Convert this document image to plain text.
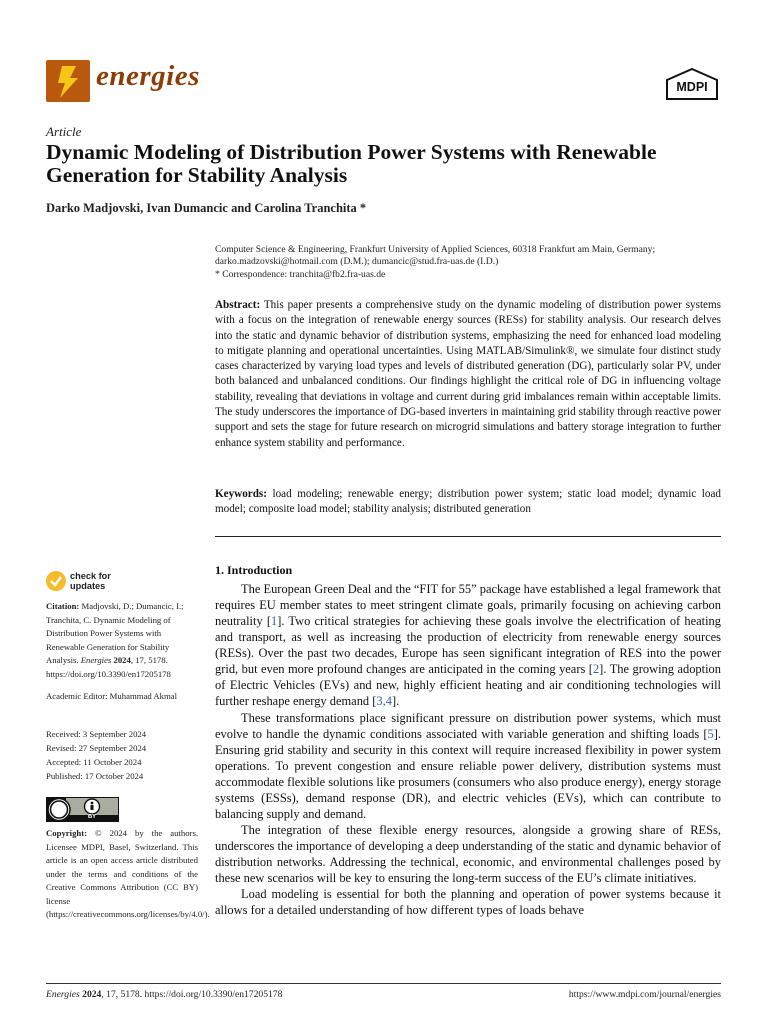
energies	MDPI
Article
Dynamic Modeling of Distribution Power Systems with Renewable Generation for Stability Analysis
Darko Madjovski, Ivan Dumancic and Carolina Tranchita *
Computer Science & Engineering, Frankfurt University of Applied Sciences, 60318 Frankfurt am Main, Germany;
darko.madzovski@hotmail.com (D.M.); dumancic@stud.fra-uas.de (I.D.)
* Correspondence: tranchita@fb2.fra-uas.de
Abstract: This paper presents a comprehensive study on the dynamic modeling of distribution power systems with a focus on the integration of renewable energy sources (RESs) for stability analysis. Our research delves into the static and dynamic behavior of distribution systems, emphasizing the need for enhanced load modeling to mitigate planning and operational uncertainties. Using MATLAB/Simulink®, we simulate four distinct study cases characterized by varying load types and levels of distributed generation (DG), particularly solar PV, under both balanced and unbalanced conditions. Our findings highlight the critical role of DG in influencing voltage stability, revealing that deviations in voltage and current during grid imbalances remain within acceptable limits. The study underscores the importance of DG-based inverters in maintaining grid stability through reactive power support and sets the stage for future research on microgrid simulations and battery storage integration to further enhance system stability and performance.
Keywords: load modeling; renewable energy; distribution power system; static load model; dynamic load model; composite load model; stability analysis; distributed generation
1. Introduction

The European Green Deal and the “FIT for 55” package have established a legal framework that requires EU member states to meet stringent climate goals, primarily focusing on achieving carbon neutrality [1]. Two critical strategies for achieving these goals involve the electrification of heating and transport, as well as increasing the production of electricity from renewable energy sources (RESs). Over the past two decades, Europe has seen significant integration of RES into the power grid, but even more profound changes are anticipated in the coming years [2]. The growing adoption of Electric Vehicles (EVs) and new, highly efficient heating and air conditioning technologies will further reshape energy demand [3,4].

These transformations place significant pressure on distribution power systems, which must evolve to handle the dynamic conditions associated with variable generation and shifting loads [5]. Ensuring grid stability and security in this context will require increased flexibility in power system operations. To prevent congestion and ensure reliable power delivery, distribution systems must accommodate flexible solutions like prosumers (consumers who also produce energy), energy storage systems (ESSs), demand response (DR), and electric vehicles (EVs), which can contribute to balancing supply and demand.

The integration of these flexible energy resources, alongside a growing share of RESs, underscores the importance of developing a deep understanding of the static and dynamic behavior of distribution networks. Addressing the technical, economic, and environmental challenges posed by these new scenarios will be key to ensuring the long-term success of the EU’s climate initiatives.

Load modeling is essential for both the planning and operation of power systems because it allows for a detailed understanding of how different types of loads behave

check for
updates
Citation: Madjovski, D.; Dumancic, I.; Tranchita, C. Dynamic Modeling of Distribution Power Systems with Renewable Generation for Stability Analysis. Energies 2024, 17, 5178. https://doi.org/10.3390/en17205178
Academic Editor: Muhammad Akmal
Received: 3 September 2024
Revised: 27 September 2024
Accepted: 11 October 2024
Published: 17 October 2024
BY
Copyright: © 2024 by the authors. Licensee MDPI, Basel, Switzerland. This article is an open access article distributed under the terms and conditions of the Creative Commons Attribution (CC BY) license (https://creativecommons.org/licenses/by/4.0/).
Energies 2024, 17, 5178. https://doi.org/10.3390/en17205178	https://www.mdpi.com/journal/energies
